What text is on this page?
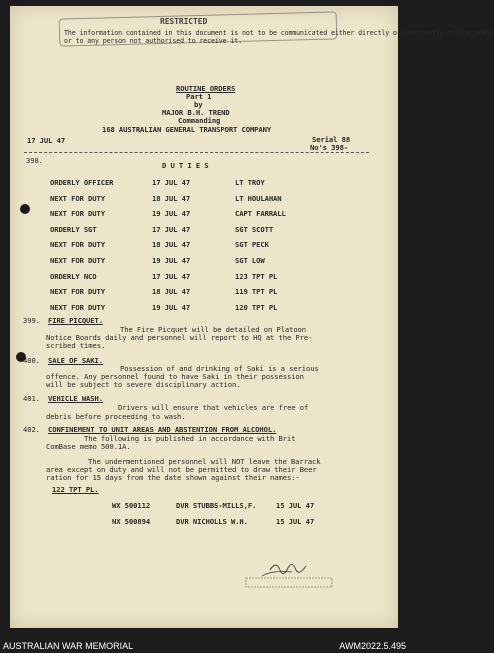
RESTRICTED
The information contained in this document is not to be communicated either directly or indirectly to the press
or to any person not authorised to receive it.
ROUTINE ORDERS
Part 1
by
MAJOR B.H. TREND
Commanding
168 AUSTRALIAN GENERAL TRANSPORT COMPANY
17 JUL 47	Serial 88
No's 398-
398.
D U T I E S
399. FIRE PICQUET.
The Fire Picquet will be detailed on Platoon
Notice Boards daily and personnel will report to HQ at the Pre-
scribed times.
400. SALE OF SAKI.
Possession of and drinking of Saki is a serious
offence. Any personnel found to have Saki in their possession
will be subject to severe disciplinary action.
401. VEHICLE WASH.
Drivers will ensure that vehicles are free of
debris before proceeding to wash.
402. CONFINEMENT TO UNIT AREAS AND ABSTENTION FROM ALCOHOL.
The following is published in accordance with Brit
ComBase memo 500.1A.
The undermentioned personnel will NOT leave the Barrack
area except on duty and will not be permitted to draw their Beer
ration for 15 days from the date shown against their names:-
122 TPT PL.
ORDERLY OFFICER	17 JUL 47	LT TROY
NEXT FOR DUTY	18 JUL 47	LT HOULAHAN
NEXT FOR DUTY	19 JUL 47	CAPT FARRALL
ORDERLY SGT	17 JUL 47	SGT SCOTT
NEXT FOR DUTY	18 JUL 47	SGT PECK
NEXT FOR DUTY	19 JUL 47	SGT LOW
ORDERLY NCO	17 JUL 47	123 TPT PL
NEXT FOR DUTY	18 JUL 47	119 TPT PL
NEXT FOR DUTY	19 JUL 47	120 TPT PL
WX 500112	DVR STUBBS-MILLS,F.	15 JUL 47
NX 500894	DVR NICHOLLS W.H.	15 JUL 47
AUSTRALIAN WAR MEMORIAL	AWM2022.5.495
